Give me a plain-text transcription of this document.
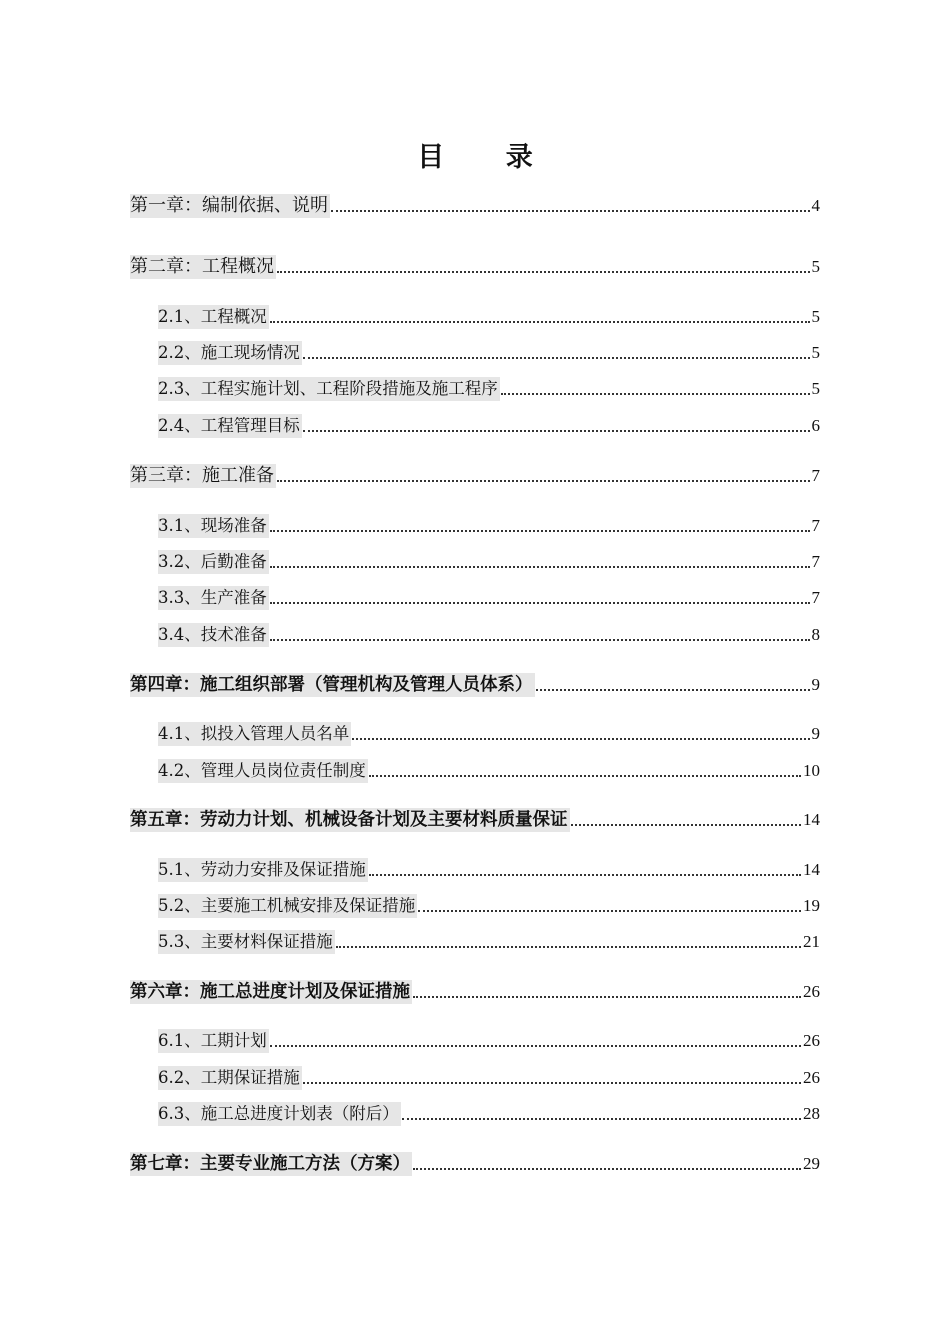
目 录
第一章：编制依据、说明	4
第二章：工程概况	5
2.1、工程概况	5
2.2、施工现场情况	5
2.3、工程实施计划、工程阶段措施及施工程序	5
2.4、工程管理目标	6
第三章：施工准备	7
3.1、现场准备	7
3.2、后勤准备	7
3.3、生产准备	7
3.4、技术准备	8
第四章：施工组织部署（管理机构及管理人员体系）	9
4.1、拟投入管理人员名单	9
4.2、管理人员岗位责任制度	10
第五章：劳动力计划、机械设备计划及主要材料质量保证	14
5.1、劳动力安排及保证措施	14
5.2、主要施工机械安排及保证措施	19
5.3、主要材料保证措施	21
第六章：施工总进度计划及保证措施	26
6.1、工期计划	26
6.2、工期保证措施	26
6.3、施工总进度计划表（附后）	28
第七章：主要专业施工方法（方案）	29
